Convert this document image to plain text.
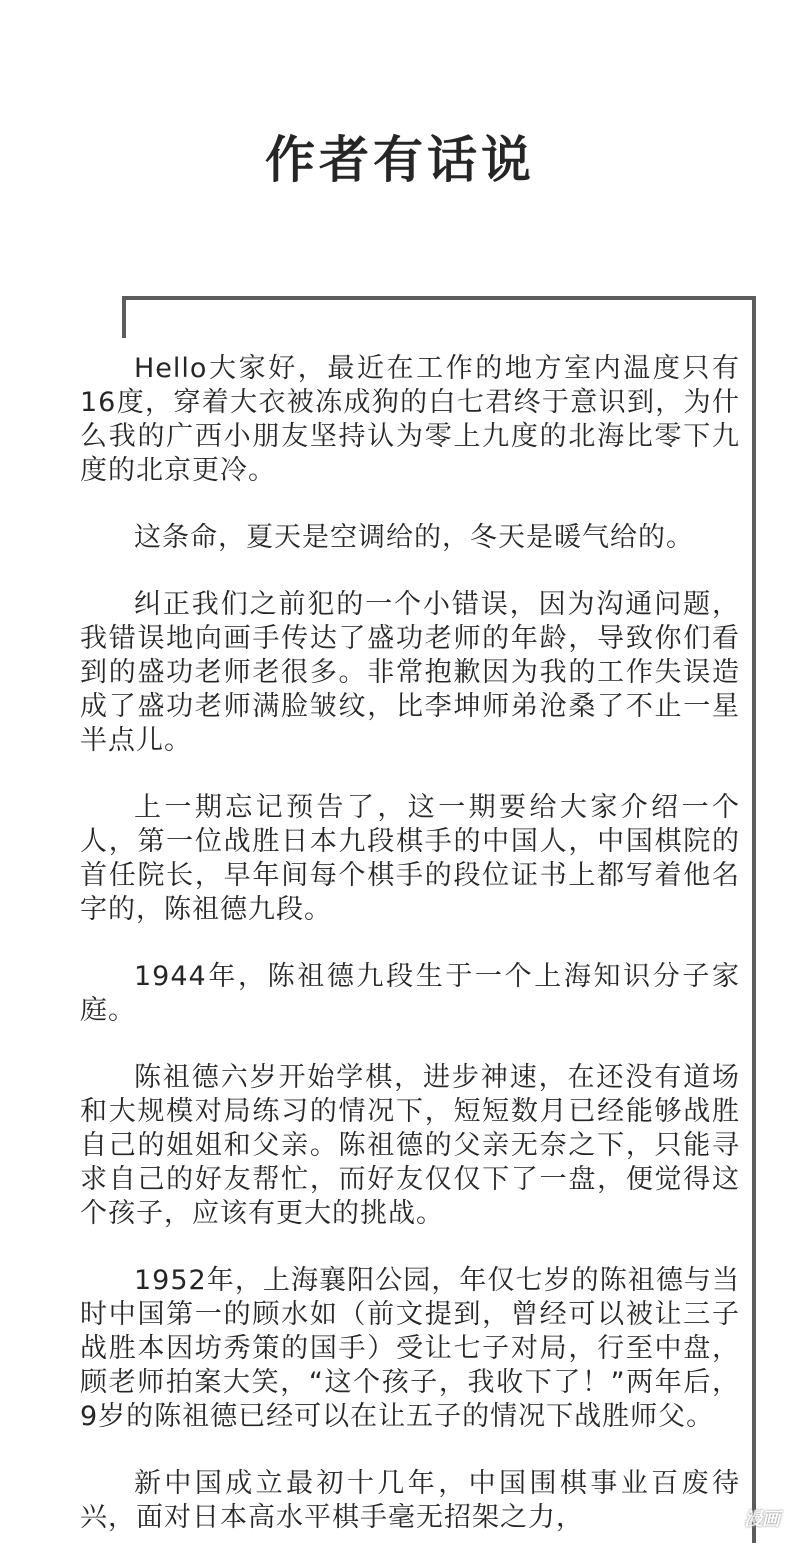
作者有话说

Hello大家好，最近在工作的地方室内温度只有16度，穿着大衣被冻成狗的白七君终于意识到，为什么我的广西小朋友坚持认为零上九度的北海比零下九度的北京更冷。

这条命，夏天是空调给的，冬天是暖气给的。

纠正我们之前犯的一个小错误，因为沟通问题，我错误地向画手传达了盛功老师的年龄，导致你们看到的盛功老师老很多。非常抱歉因为我的工作失误造成了盛功老师满脸皱纹，比李坤师弟沧桑了不止一星半点儿。

上一期忘记预告了，这一期要给大家介绍一个人，第一位战胜日本九段棋手的中国人，中国棋院的首任院长，早年间每个棋手的段位证书上都写着他名字的，陈祖德九段。

1944年，陈祖德九段生于一个上海知识分子家庭。

陈祖德六岁开始学棋，进步神速，在还没有道场和大规模对局练习的情况下，短短数月已经能够战胜自己的姐姐和父亲。陈祖德的父亲无奈之下，只能寻求自己的好友帮忙，而好友仅仅下了一盘，便觉得这个孩子，应该有更大的挑战。

1952年，上海襄阳公园，年仅七岁的陈祖德与当时中国第一的顾水如（前文提到，曾经可以被让三子战胜本因坊秀策的国手）受让七子对局，行至中盘，顾老师拍案大笑，“这个孩子，我收下了！”两年后，9岁的陈祖德已经可以在让五子的情况下战胜师父。

新中国成立最初十几年，中国围棋事业百废待兴，面对日本高水平棋手毫无招架之力，	漫画
